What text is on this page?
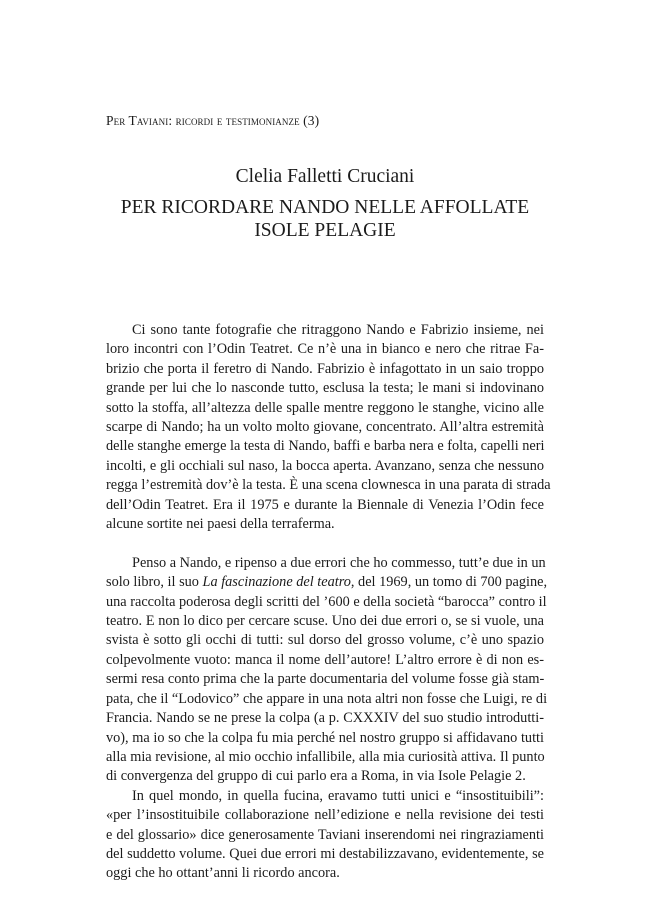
Per Taviani: ricordi e testimonianze (3)
Clelia Falletti Cruciani
PER RICORDARE NANDO NELLE AFFOLLATE
ISOLE PELAGIE

Ci sono tante fotografie che ritraggono Nando e Fabrizio insieme, nei
loro incontri con l’Odin Teatret. Ce n’è una in bianco e nero che ritrae Fa-
brizio che porta il feretro di Nando. Fabrizio è infagottato in un saio troppo
grande per lui che lo nasconde tutto, esclusa la testa; le mani si indovinano
sotto la stoffa, all’altezza delle spalle mentre reggono le stanghe, vicino alle
scarpe di Nando; ha un volto molto giovane, concentrato. All’altra estremità
delle stanghe emerge la testa di Nando, baffi e barba nera e folta, capelli neri
incolti, e gli occhiali sul naso, la bocca aperta. Avanzano, senza che nessuno
regga l’estremità dov’è la testa. È una scena clownesca in una parata di strada
dell’Odin Teatret. Era il 1975 e durante la Biennale di Venezia l’Odin fece
alcune sortite nei paesi della terraferma.

Penso a Nando, e ripenso a due errori che ho commesso, tutt’e due in un
solo libro, il suo La fascinazione del teatro, del 1969, un tomo di 700 pagine,
una raccolta poderosa degli scritti del ’600 e della società “barocca” contro il
teatro. E non lo dico per cercare scuse. Uno dei due errori o, se si vuole, una
svista è sotto gli occhi di tutti: sul dorso del grosso volume, c’è uno spazio
colpevolmente vuoto: manca il nome dell’autore! L’altro errore è di non es-
sermi resa conto prima che la parte documentaria del volume fosse già stam-
pata, che il “Lodovico” che appare in una nota altri non fosse che Luigi, re di
Francia. Nando se ne prese la colpa (a p. CXXXIV del suo studio introdutti-
vo), ma io so che la colpa fu mia perché nel nostro gruppo si affidavano tutti
alla mia revisione, al mio occhio infallibile, alla mia curiosità attiva. Il punto
di convergenza del gruppo di cui parlo era a Roma, in via Isole Pelagie 2.

In quel mondo, in quella fucina, eravamo tutti unici e “insostituibili”:
«per l’insostituibile collaborazione nell’edizione e nella revisione dei testi
e del glossario» dice generosamente Taviani inserendomi nei ringraziamenti
del suddetto volume. Quei due errori mi destabilizzavano, evidentemente, se
oggi che ho ottant’anni li ricordo ancora.
